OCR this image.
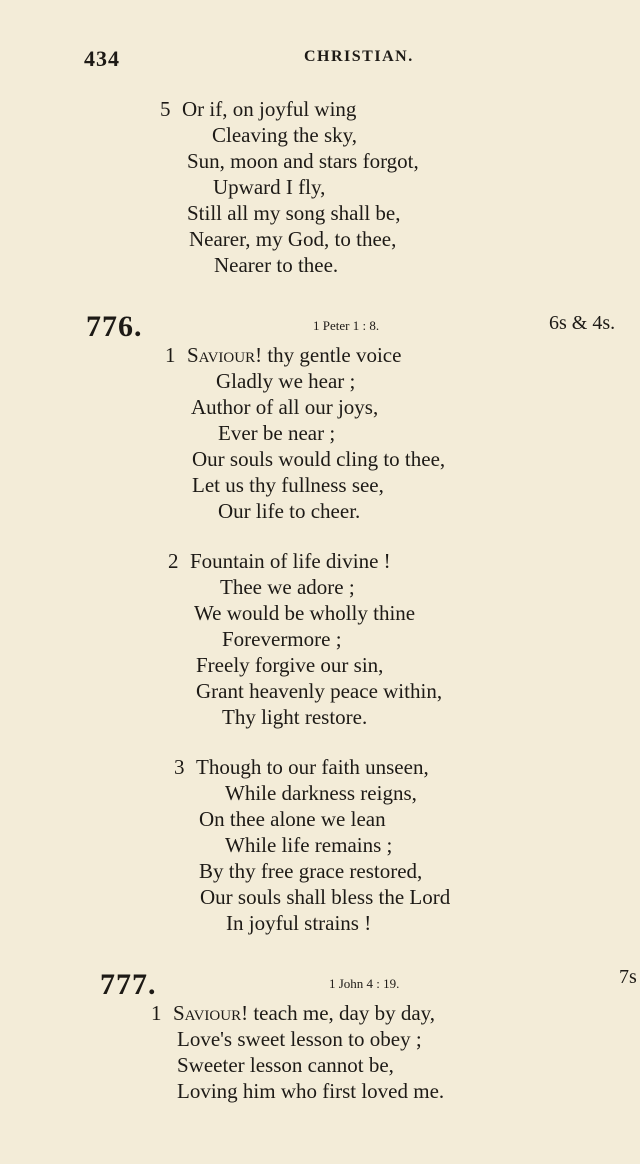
434	CHRISTIAN.
5 Or if, on joyful wing
Cleaving the sky,
Sun, moon and stars forgot,
Upward I fly,
Still all my song shall be,
Nearer, my God, to thee,
Nearer to thee.
776.	1 Peter 1 : 8.	6s & 4s.
1 Saviour! thy gentle voice
Gladly we hear ;
Author of all our joys,
Ever be near ;
Our souls would cling to thee,
Let us thy fullness see,
Our life to cheer.
2 Fountain of life divine !
Thee we adore ;
We would be wholly thine
Forevermore ;
Freely forgive our sin,
Grant heavenly peace within,
Thy light restore.
3 Though to our faith unseen,
While darkness reigns,
On thee alone we lean
While life remains ;
By thy free grace restored,
Our souls shall bless the Lord
In joyful strains !
777.	1 John 4 : 19.	7s
1 Saviour! teach me, day by day,
Love's sweet lesson to obey ;
Sweeter lesson cannot be,
Loving him who first loved me.
